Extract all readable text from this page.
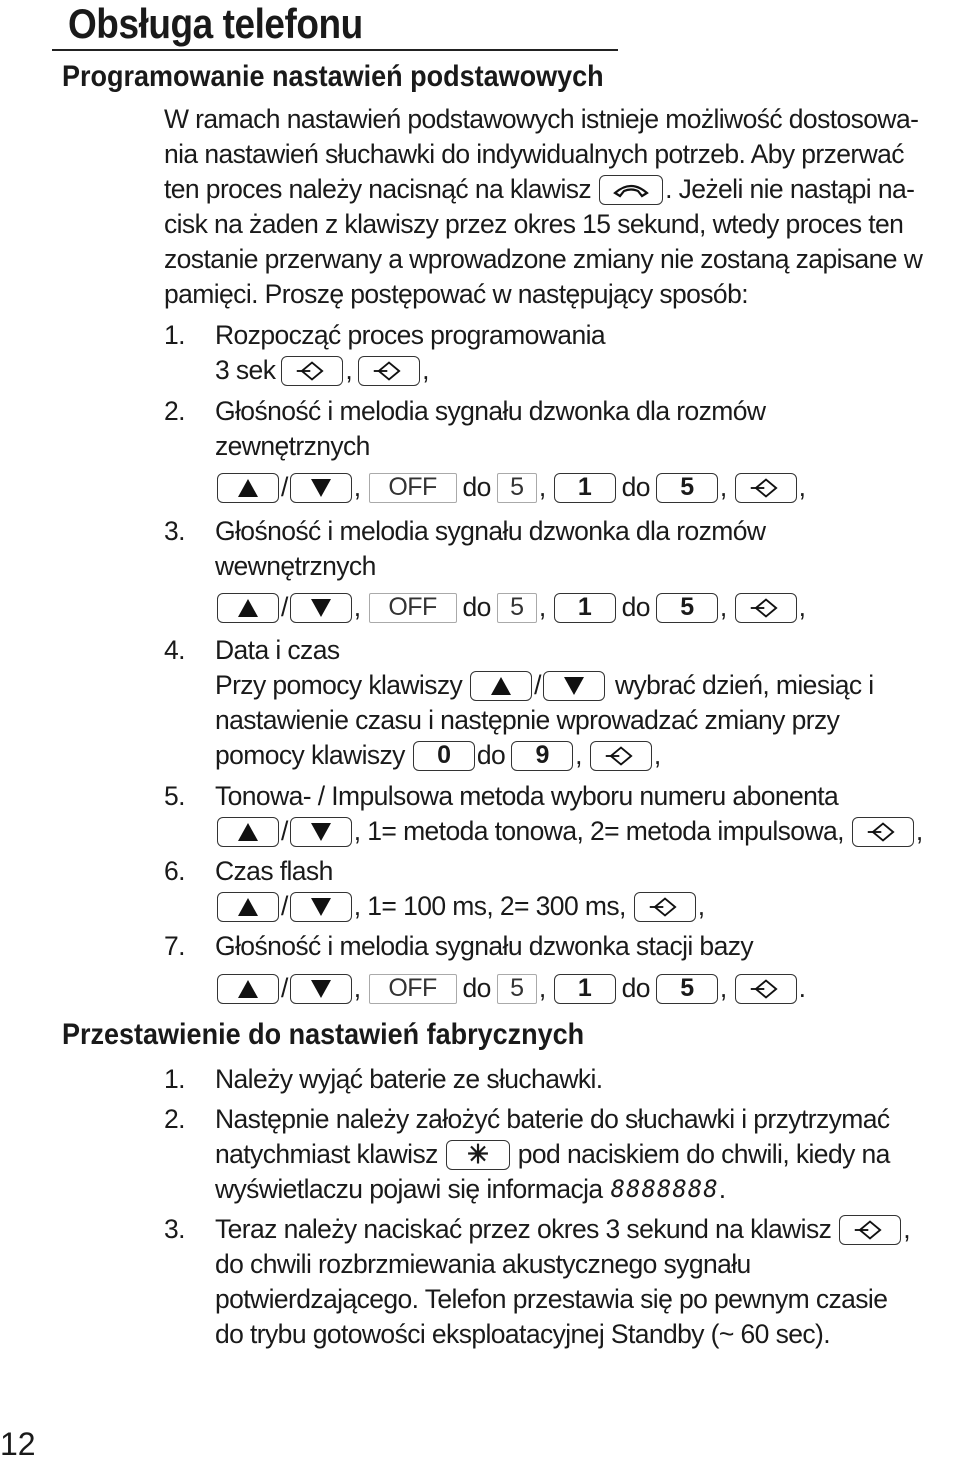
Obsługa telefonu
Programowanie nastawień podstawowych
W ramach nastawień podstawowych istnieje możliwość dostosowa-
nia nastawień słuchawki do indywidualnych potrzeb. Aby przerwać
ten proces należy nacisnąć na klawisz	. Jeżeli nie nastąpi na-
cisk na żaden z klawiszy przez okres 15 sekund, wtedy proces ten
zostanie przerwany a wprowadzone zmiany nie zostaną zapisane w
pamięci. Proszę postępować w następujący sposób:
1. Rozpocząć proces programowania
3 sek	,	,
2. Głośność i melodia sygnału dzwonka dla rozmów
zewnętrznych
/ ,	OFF do 5 ,	1	do	5 ,	,
3. Głośność i melodia sygnału dzwonka dla rozmów
wewnętrznych
/ ,	OFF do 5 ,	1	do	5 ,	,
4. Data i czas
Przy pomocy klawiszy	/	wybrać dzień, miesiąc i
nastawienie czasu i następnie wprowadzać zmiany przy
pomocy klawiszy	0 do	9 ,	,
5. Tonowa- / Impulsowa metoda wyboru numeru abonenta
/ , 1= metoda tonowa, 2= metoda impulsowa,	,
6. Czas flash
/ , 1= 100 ms, 2= 300 ms,	,
7. Głośność i melodia sygnału dzwonka stacji bazy
/ ,	OFF do 5 ,	1	do	5 ,	.
Przestawienie do nastawień fabrycznych
1. Należy wyjąć baterie ze słuchawki.
2. Następnie należy założyć baterie do słuchawki i przytrzymać
natychmiast klawisz	✳	pod naciskiem do chwili, kiedy na
wyświetlaczu pojawi się informacja 8888888 .
3.	Teraz należy naciskać przez okres 3 sekund na klawisz	,
do chwili rozbrzmiewania akustycznego sygnału
potwierdzającego. Telefon przestawia się po pewnym czasie
do trybu gotowości eksploatacyjnej Standby (~ 60 sec).
12
